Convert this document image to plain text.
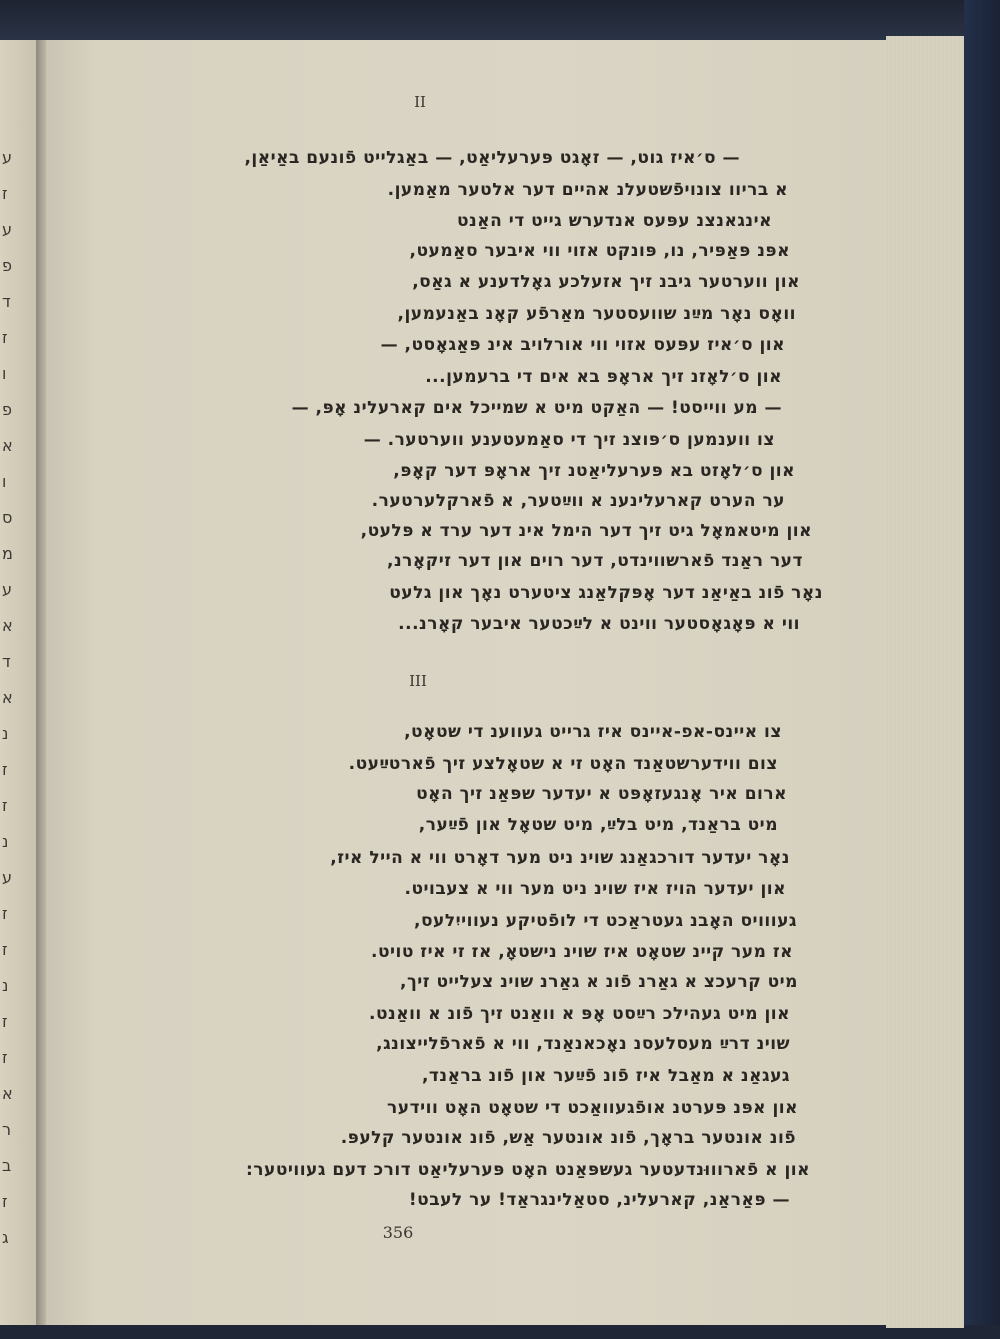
ע
ז
ע
פ
ד
ז
ו
פ
א
ו
ס
מ
ע
א
ד
א
נ
ז
ז
נ
ע
ז
ז
נ
ז
ז
א
ר
ב
ז
ג
II
III
356
— ס׳איז גוט, — זאָגט פּערעליאַט, — באַגלייט פֿונעם באַיאַן,
א בריוו צונויפֿשטעלנ אהיים דער אלטער מאַמען.
אינגאנצנ עפּעס אנדערש גייט די האַנט
אפּנ פּאַפּיר, נו, פּונקט אזוי ווי איבער סאַמעט,
און ווערטער גיבנ זיך אזעלכע גאָלדענע א גאַס,
וואָס נאָר מײַנ שוועסטער מאַרפֿע קאָנ באַנעמען,
און ס׳איז עפּעס אזוי ווי אורלויב אינ פּאַגאָסט, —
און ס׳לאָזנ זיך אראָפּ בא אים די ברעמען...
— מע ווייסט! — האַקט מיט א שמייכל אים קארעלינ אָפּ, —
צו ווענמען ס׳פּוצנ זיך די סאַמעטענע ווערטער. —
און ס׳לאָזט בא פּערעליאַטנ זיך אראָפּ דער קאָפּ,
ער הערט קארעלינענ א ווײַטער, א פֿארקלערטער.
און מיטאמאָל גיט זיך דער הימל אינ דער ערד א פּלעט,
דער ראַנד פֿארשווינדט, דער רוים און דער זיקאָרנ,
נאָר פֿונ באַיאַנ דער אָפּקלאַנג ציטערט נאָך און גלעט
ווי א פּאָגאָסטער ווינט א לײַכטער איבער קאָרנ...
צו איינס-אפ-איינס איז גרייט געווענ די שטאָט,
צום ווידערשטאַנד האָט זי א שטאָלצע זיך פֿארטײַעט.
ארום איר אָנגעזאָפּט א יעדער שפּאַנ זיך האָט
מיט בראַנד, מיט בלײַ, מיט שטאָל און פֿײַער,
נאָר יעדער דורכגאַנג שוינ ניט מער דאָרט ווי א הייל איז,
און יעדער הויז איז שוינ ניט מער ווי א צעבויט.
געווויס האָבנ געטראַכט די לופֿטיקע נעווייִלעס,
אז מער קיינ שטאָט איז שוינ נישטאָ, אז זי איז טויט.
מיט קרעכצ א גאַרנ פֿונ א גאַרנ שוינ צעלייט זיך,
און מיט געהילכ רײַסט אָפּ א וואַנט זיך פֿונ א וואַנט.
שוינ דרײַ מעסלעסנ נאָכאנאַנד, ווי א פֿארפֿלייצונג,
געגאַנ א מאַבל איז פֿונ פֿײַער און פֿונ בראַנד,
און אפּנ פּערטנ אופֿגעוואַכט די שטאָט האָט ווידער
פֿונ אונטער בראָך, פֿונ אונטער אַש, פֿונ אונטער קלעפּ.
און א פֿארוווּנדעטער געשפּאַנט האָט פּערעליאַט דורכ דעם געוויטער:
— פּאַראַנ, קארעלינ, סטאַלינגראַד! ער לעבט!
